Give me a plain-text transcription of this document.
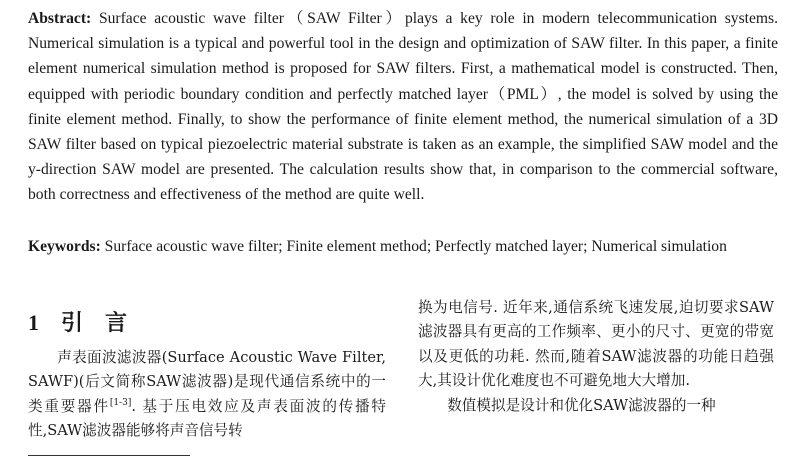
Abstract: Surface acoustic wave filter（SAW Filter）plays a key role in modern telecommunication systems. Numerical simulation is a typical and powerful tool in the design and optimization of SAW filter. In this paper, a finite element numerical simulation method is proposed for SAW filters. First, a mathematical model is constructed. Then, equipped with periodic boundary condition and perfectly matched layer（PML）, the model is solved by using the finite element method. Finally, to show the performance of finite element method, the numerical simulation of a 3D SAW filter based on typical piezoelectric material substrate is taken as an example, the simplified SAW model and the y-direction SAW model are presented. The calculation results show that, in comparison to the commercial software, both correctness and effectiveness of the method are quite well.
Keywords: Surface acoustic wave filter; Finite element method; Perfectly matched layer; Numerical simulation
1 引 言

声表面波滤波器(Surface Acoustic Wave Filter, SAWF)(后文简称SAW滤波器)是现代通信系统中的一类重要器件[1-3]. 基于压电效应及声表面波的传播特性,SAW滤波器能够将声音信号转

换为电信号. 近年来,通信系统飞速发展,迫切要求SAW滤波器具有更高的工作频率、更小的尺寸、更宽的带宽以及更低的功耗. 然而,随着SAW滤波器的功能日趋强大,其设计优化难度也不可避免地大大增加.

数值模拟是设计和优化SAW滤波器的一种
